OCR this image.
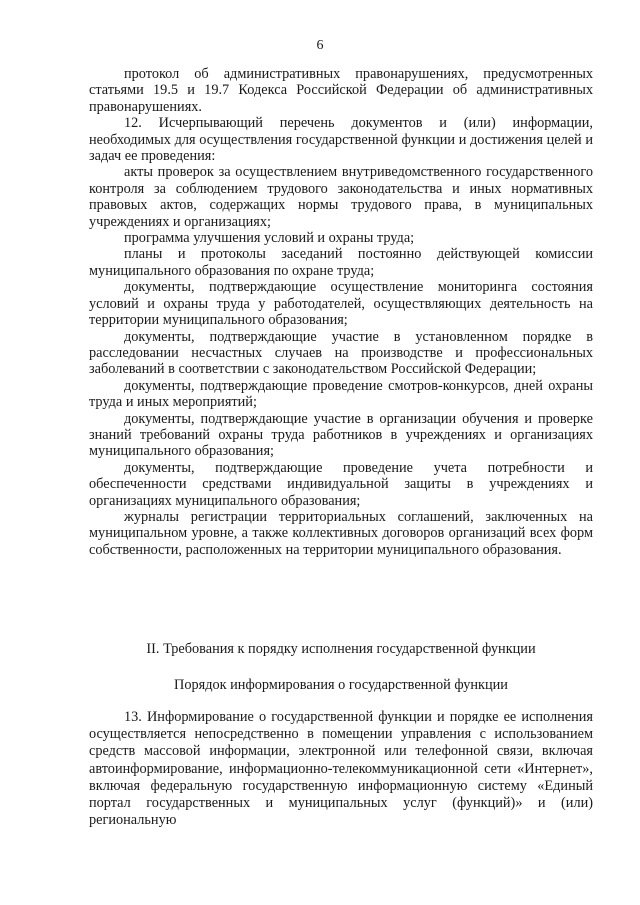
6

протокол об административных правонарушениях, предусмотренных статьями 19.5 и 19.7 Кодекса Российской Федерации об административных правонарушениях.

12. Исчерпывающий перечень документов и (или) информации, необходимых для осуществления государственной функции и достижения целей и задач ее проведения:

акты проверок за осуществлением внутриведомственного государственного контроля за соблюдением трудового законодательства и иных нормативных правовых актов, содержащих нормы трудового права, в муниципальных учреждениях и организациях;

программа улучшения условий и охраны труда;

планы и протоколы заседаний постоянно действующей комиссии муниципального образования по охране труда;

документы, подтверждающие осуществление мониторинга состояния условий и охраны труда у работодателей, осуществляющих деятельность на территории муниципального образования;

документы, подтверждающие участие в установленном порядке в расследовании несчастных случаев на производстве и профессиональных заболеваний в соответствии с законодательством Российской Федерации;

документы, подтверждающие проведение смотров-конкурсов, дней охраны труда и иных мероприятий;

документы, подтверждающие участие в организации обучения и проверке знаний требований охраны труда работников в учреждениях и организациях муниципального образования;

документы, подтверждающие проведение учета потребности и обеспеченности средствами индивидуальной защиты в учреждениях и организациях муниципального образования;

журналы регистрации территориальных соглашений, заключенных на муниципальном уровне, а также коллективных договоров организаций всех форм собственности, расположенных на территории муниципального образования.

II. Требования к порядку исполнения государственной функции
Порядок информирования о государственной функции

13. Информирование о государственной функции и порядке ее исполнения осуществляется непосредственно в помещении управления с использованием средств массовой информации, электронной или телефонной связи, включая автоинформирование, информационно-телекоммуникационной сети «Интернет», включая федеральную государственную информационную систему «Единый портал государственных и муниципальных услуг (функций)» и (или) региональную
